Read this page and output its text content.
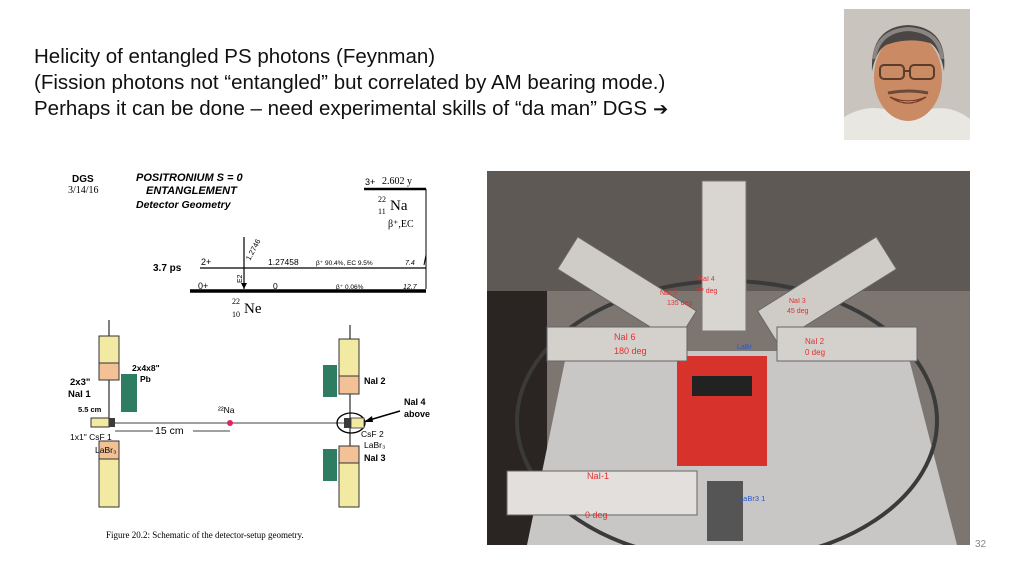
Helicity of entangled PS photons (Feynman)
(Fission photons not “entangled” but correlated by AM bearing mode.)
Perhaps it can be done – need experimental skills of “da man” DGS ➔
DGS
3/14/16
POSITRONIUM S = 0
ENTANGLEMENT
Detector Geometry
3+ 2.602 y
22
11 Na
β⁺,EC
3.7 ps
2+	1.27458	β⁺ 90.4%, EC 9.5%	7.4
1.2746
E2
0+	0	β⁺ 0.06%	12.7
22
10 Ne
2x4x8"
Pb
2x3"
NaI 1
5.5 cm
1x1" CsF 1
LaBr₃
15 cm
²²Na
NaI 2
NaI 4
above
CsF 2
LaBr₃
NaI 3
Figure 20.2: Schematic of the detector-setup geometry.
NaI 4
?? deg
NaI 5
135 deg	NaI 3
45 deg
NaI 6
180 deg
NaI 2
0 deg
LaBr
NaI-1
0 deg
LaBr3 1
32
